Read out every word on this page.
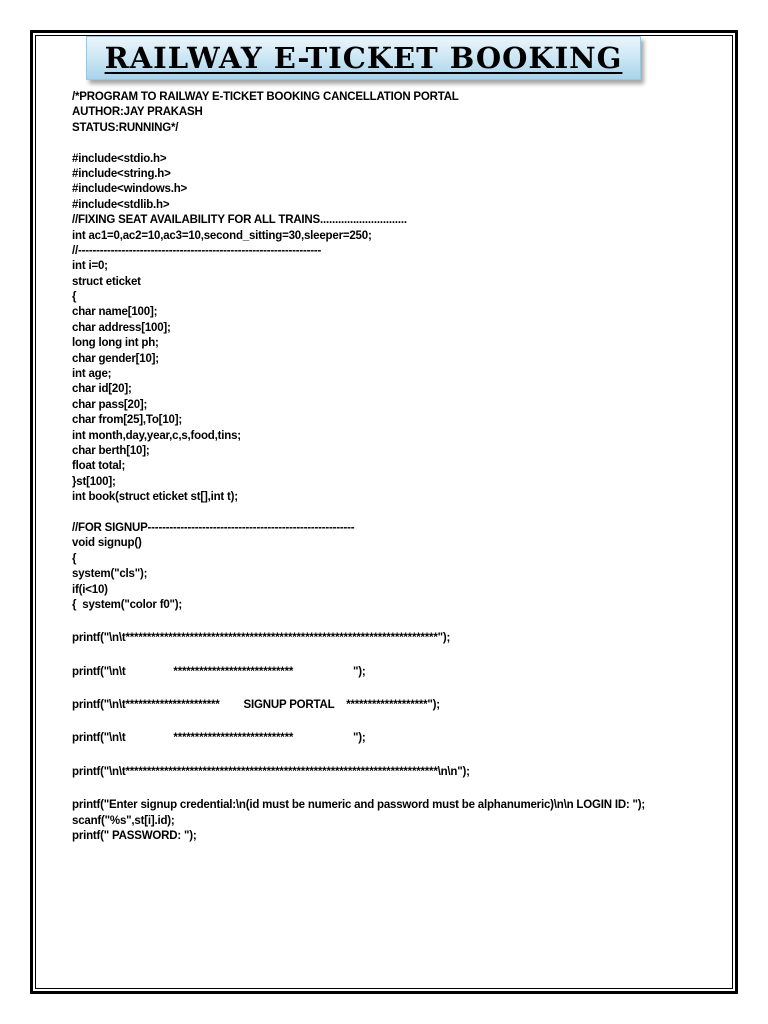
RAILWAY E-TICKET BOOKING
/*PROGRAM TO RAILWAY E-TICKET BOOKING CANCELLATION PORTAL
AUTHOR:JAY PRAKASH
STATUS:RUNNING*/
#include<stdio.h>
#include<string.h>
#include<windows.h>
#include<stdlib.h>
//FIXING SEAT AVAILABILITY FOR ALL TRAINS.............................
int ac1=0,ac2=10,ac3=10,second_sitting=30,sleeper=250;
//-------------------------------------------------------------------
int i=0;
struct eticket
{
char name[100];
char address[100];
long long int ph;
char gender[10];
int age;
char id[20];
char pass[20];
char from[25],To[10];
int month,day,year,c,s,food,tins;
char berth[10];
float total;
}st[100];
int book(struct eticket st[],int t);
//FOR SIGNUP---------------------------------------------------------
void signup()
{
system("cls");
if(i<10)
{  system("color f0");
printf("\n\t*************************************************************************");
printf("\n\t                ****************************                    ");
printf("\n\t**********************        SIGNUP PORTAL    *******************");
printf("\n\t                ****************************                    ");
printf("\n\t*************************************************************************\n\n");
printf("Enter signup credential:\n(id must be numeric and password must be alphanumeric)\n\n LOGIN ID: ");
scanf("%s",st[i].id);
printf(" PASSWORD: ");
